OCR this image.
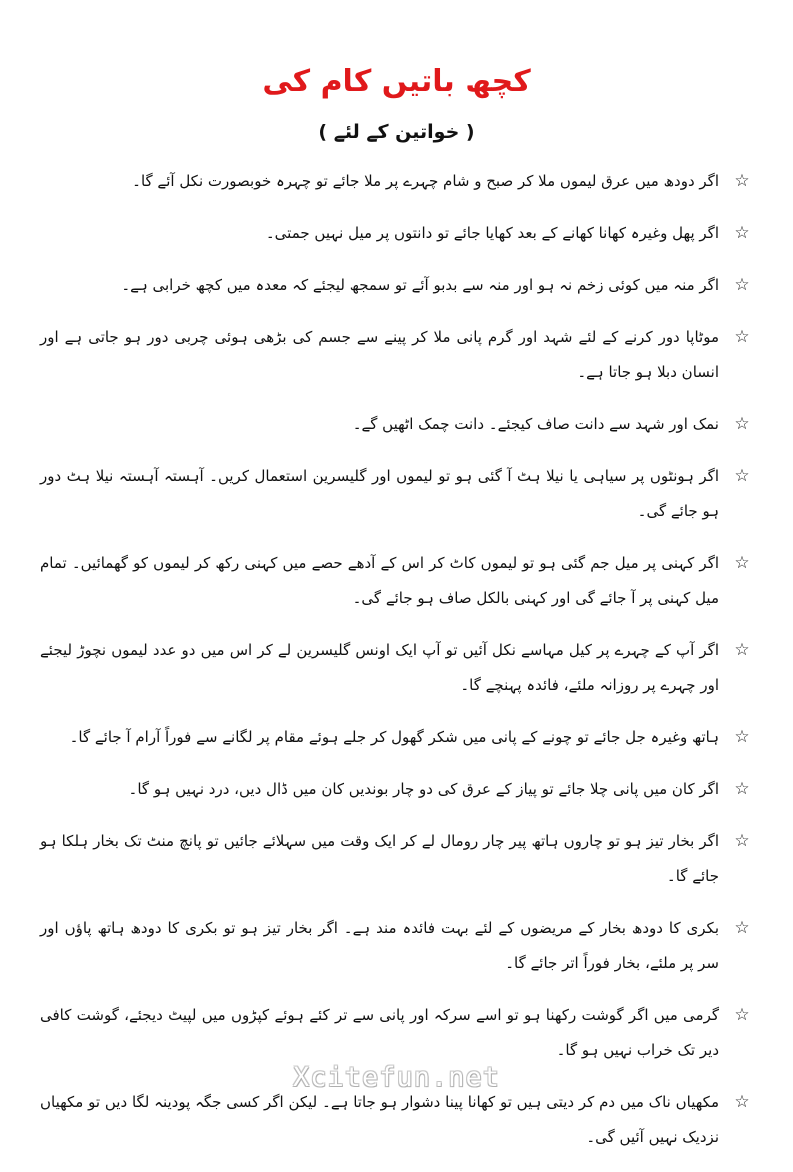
کچھ باتیں کام کی
( خواتین کے لئے )
☆
اگر دودھ میں عرق لیموں ملا کر صبح و شام چہرے پر ملا جائے تو چہرہ خوبصورت نکل آئے گا۔
☆
اگر پھل وغیرہ کھانا کھانے کے بعد کھایا جائے تو دانتوں پر میل نہیں جمتی۔
☆
اگر منہ میں کوئی زخم نہ ہو اور منہ سے بدبو آئے تو سمجھ لیجئے کہ معدہ میں کچھ خرابی ہے۔
☆
موٹاپا دور کرنے کے لئے شہد اور گرم پانی ملا کر پینے سے جسم کی بڑھی ہوئی چربی دور ہو جاتی ہے اور انسان دبلا ہو جاتا ہے۔
☆
نمک اور شہد سے دانت صاف کیجئے۔ دانت چمک اٹھیں گے۔
☆
اگر ہونٹوں پر سیاہی یا نیلا ہٹ آ گئی ہو تو لیموں اور گلیسرین استعمال کریں۔ آہستہ آہستہ نیلا ہٹ دور ہو جائے گی۔
☆
اگر کہنی پر میل جم گئی ہو تو لیموں کاٹ کر اس کے آدھے حصے میں کہنی رکھ کر لیموں کو گھمائیں۔ تمام میل کہنی پر آ جائے گی اور کہنی بالکل صاف ہو جائے گی۔
☆
اگر آپ کے چہرے پر کیل مہاسے نکل آئیں تو آپ ایک اونس گلیسرین لے کر اس میں دو عدد لیموں نچوڑ لیجئے اور چہرے پر روزانہ ملئے، فائدہ پہنچے گا۔
☆
ہاتھ وغیرہ جل جائے تو چونے کے پانی میں شکر گھول کر جلے ہوئے مقام پر لگانے سے فوراً آرام آ جائے گا۔
☆
اگر کان میں پانی چلا جائے تو پیاز کے عرق کی دو چار بوندیں کان میں ڈال دیں، درد نہیں ہو گا۔
☆
اگر بخار تیز ہو تو چاروں ہاتھ پیر چار رومال لے کر ایک وقت میں سہلائے جائیں تو پانچ منٹ تک بخار ہلکا ہو جائے گا۔
☆
بکری کا دودھ بخار کے مریضوں کے لئے بہت فائدہ مند ہے۔ اگر بخار تیز ہو تو بکری کا دودھ ہاتھ پاؤں اور سر پر ملئے، بخار فوراً اتر جائے گا۔
☆
گرمی میں اگر گوشت رکھنا ہو تو اسے سرکہ اور پانی سے تر کئے ہوئے کپڑوں میں لپیٹ دیجئے، گوشت کافی دیر تک خراب نہیں ہو گا۔
☆
مکھیاں ناک میں دم کر دیتی ہیں تو کھانا پینا دشوار ہو جاتا ہے۔ لیکن اگر کسی جگہ پودینہ لگا دیں تو مکھیاں نزدیک نہیں آئیں گی۔
Xcitefun.net
